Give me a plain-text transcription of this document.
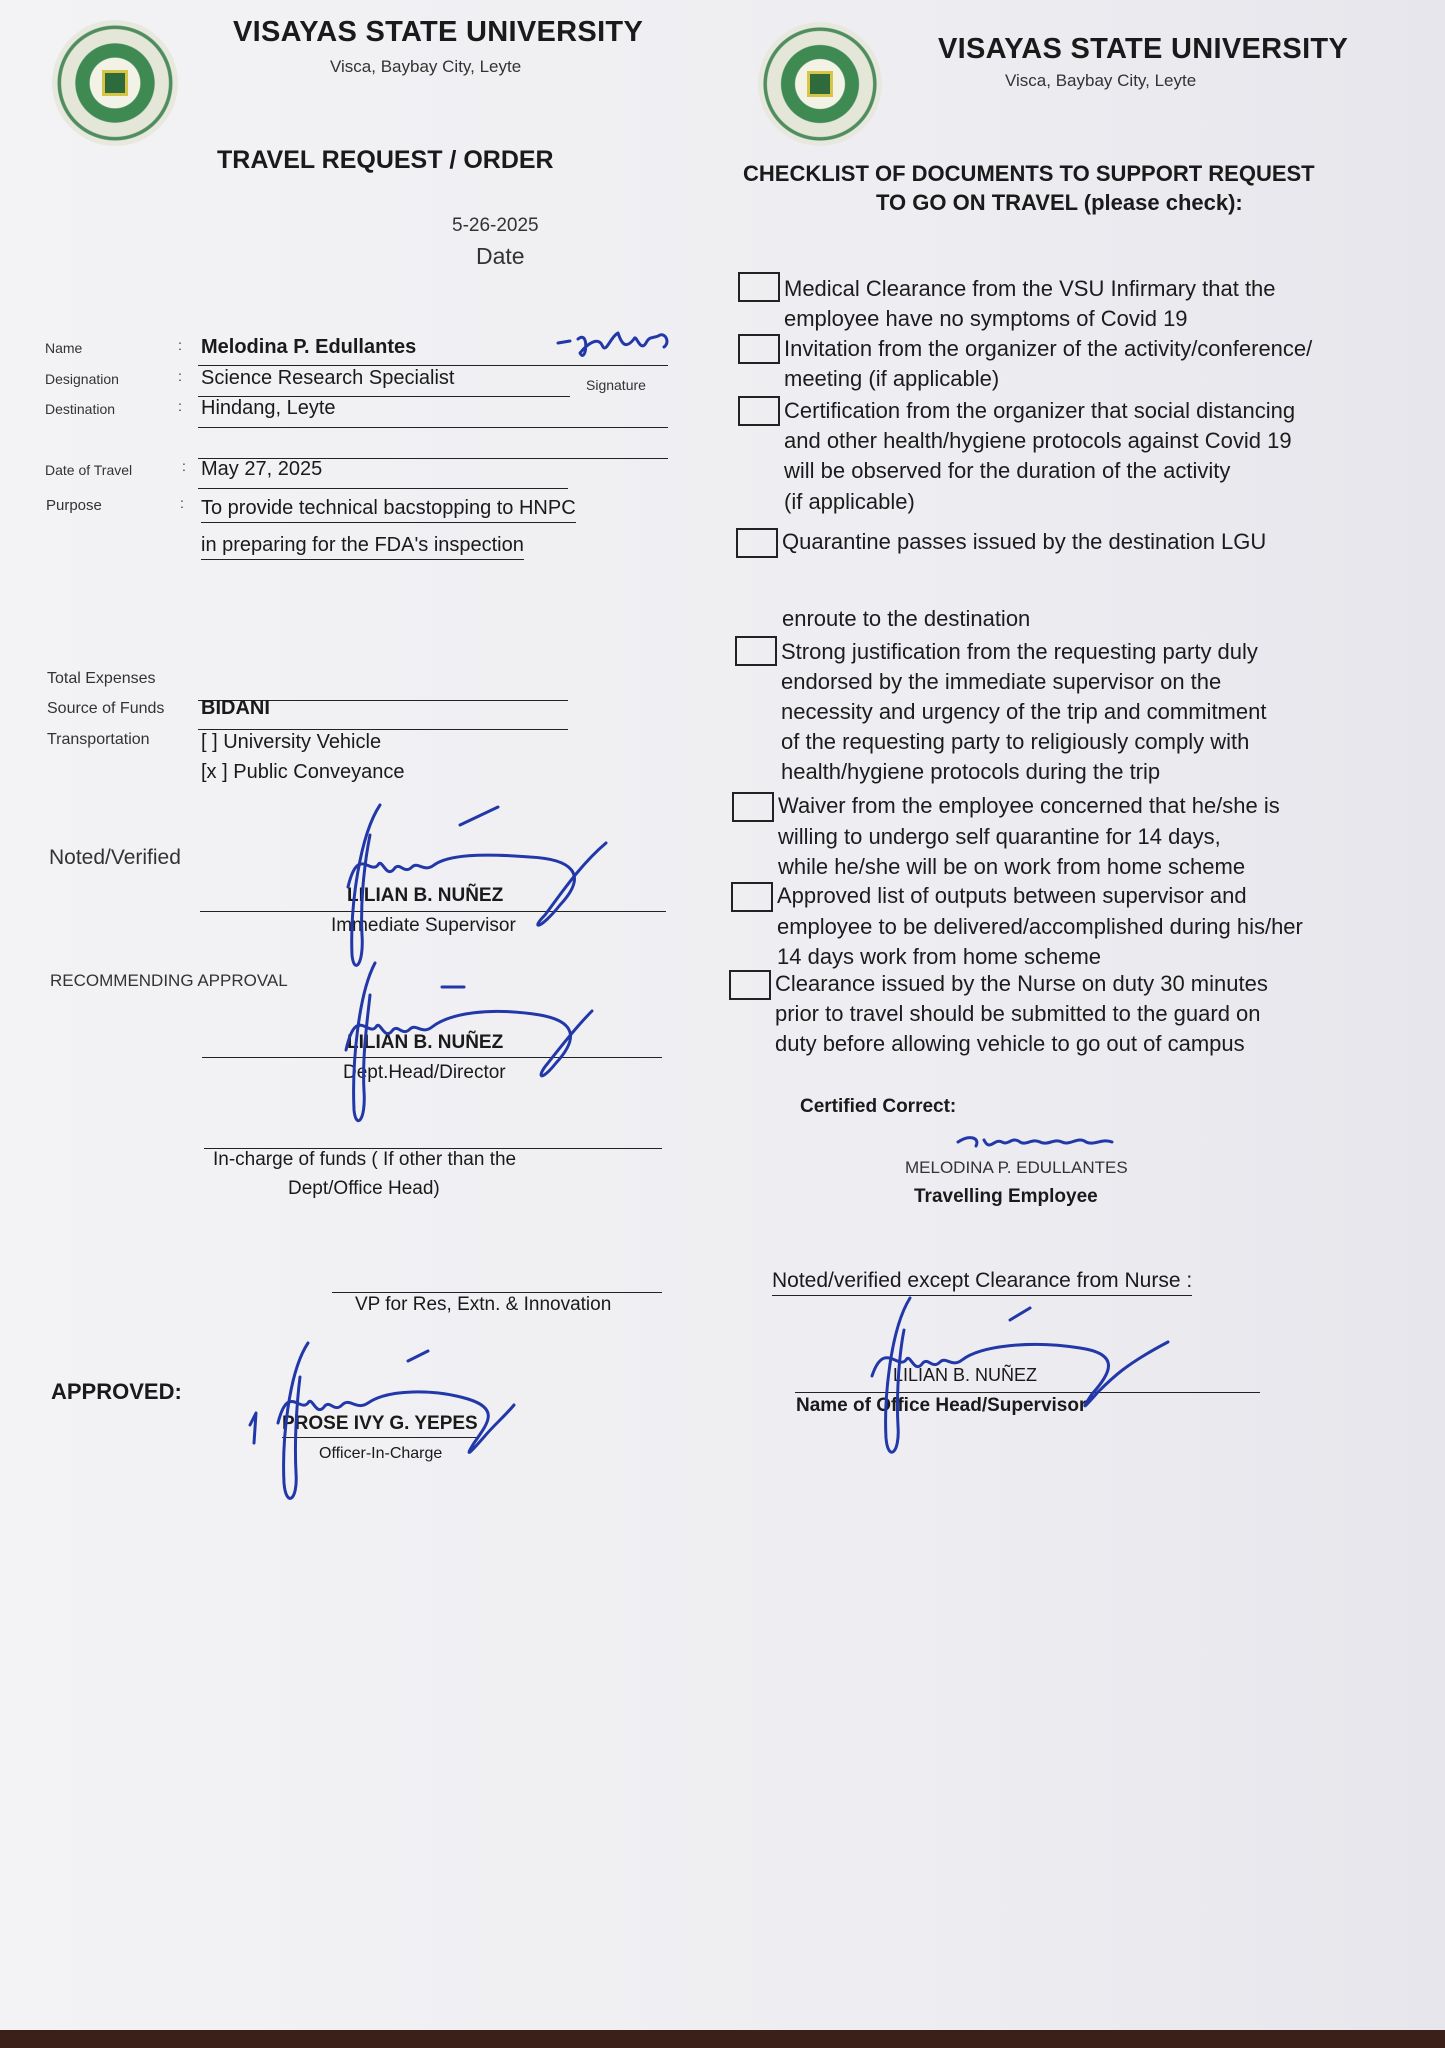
VISAYAS STATE UNIVERSITY
Visca, Baybay City, Leyte
TRAVEL REQUEST / ORDER
5-26-2025
Date
Name	: Melodina P. Edullantes
Designation	: Science Research Specialist	Signature
Destination	: Hindang, Leyte
Date of Travel	: May 27, 2025
Purpose	: To provide technical bacstopping to HNPC
in preparing for the FDA's inspection
Total Expenses
Source of Funds BIDANI
Transportation	[ ] University Vehicle
[x ] Public Conveyance
Noted/Verified
LILIAN B. NUÑEZ
Immediate Supervisor
RECOMMENDING APPROVAL
LILIAN B. NUÑEZ
Dept.Head/Director
In-charge of funds ( If other than the
Dept/Office Head)
VP for Res, Extn. & Innovation
APPROVED:
PROSE IVY G. YEPES
Officer-In-Charge
VISAYAS STATE UNIVERSITY
Visca, Baybay City, Leyte
CHECKLIST OF DOCUMENTS TO SUPPORT REQUEST
TO GO ON TRAVEL (please check):
Medical Clearance from the VSU Infirmary that the
employee have no symptoms of Covid 19
Invitation from the organizer of the activity/conference/
meeting (if applicable)
Certification from the organizer that social distancing
and other health/hygiene protocols against Covid 19
will be observed for the duration of the activity
(if applicable)
Quarantine passes issued by the destination LGU
enroute to the destination
Strong justification from the requesting party duly
endorsed by the immediate supervisor on the
necessity and urgency of the trip and commitment
of the requesting party to religiously comply with
health/hygiene protocols during the trip
Waiver from the employee concerned that he/she is
willing to undergo self quarantine for 14 days,
while he/she will be on work from home scheme
Approved list of outputs between supervisor and
employee to be delivered/accomplished during his/her
14 days work from home scheme
Clearance issued by the Nurse on duty 30 minutes
prior to travel should be submitted to the guard on
duty before allowing vehicle to go out of campus
Certified Correct:
MELODINA P. EDULLANTES
Travelling Employee
Noted/verified except Clearance from Nurse :
LILIAN B. NUÑEZ
Name of Office Head/Supervisor
